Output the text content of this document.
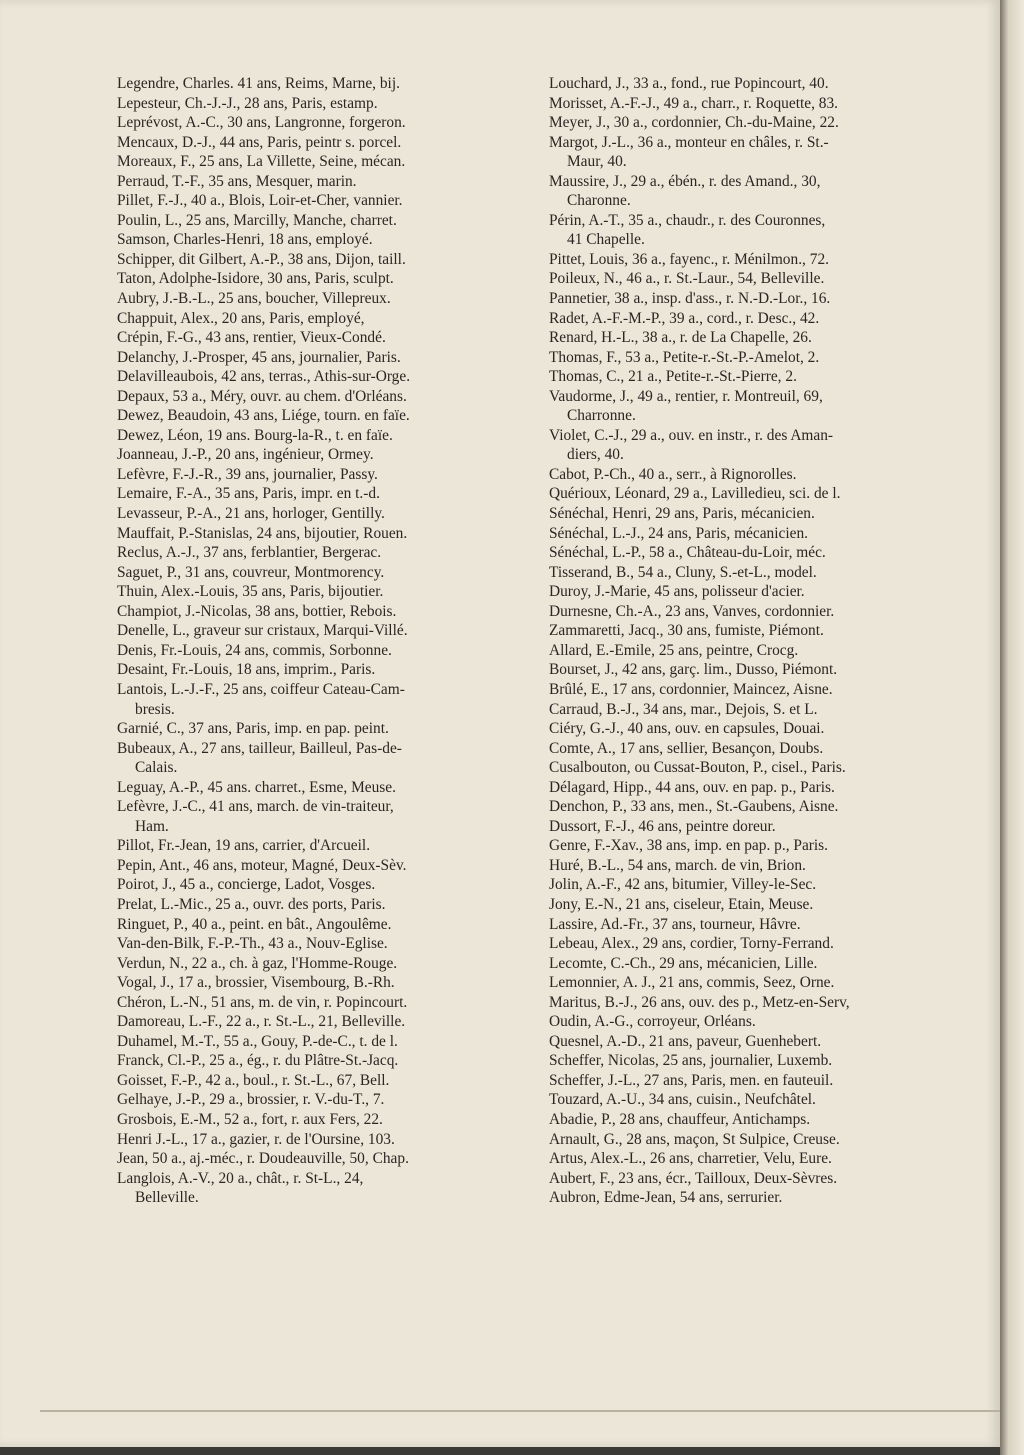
Legendre, Charles. 41 ans, Reims, Marne, bij.
Lepesteur, Ch.-J.-J., 28 ans, Paris, estamp.
Leprévost, A.-C., 30 ans, Langronne, forgeron.
Mencaux, D.-J., 44 ans, Paris, peintr s. porcel.
Moreaux, F., 25 ans, La Villette, Seine, mécan.
Perraud, T.-F., 35 ans, Mesquer, marin.
Pillet, F.-J., 40 a., Blois, Loir-et-Cher, vannier.
Poulin, L., 25 ans, Marcilly, Manche, charret.
Samson, Charles-Henri, 18 ans, employé.
Schipper, dit Gilbert, A.-P., 38 ans, Dijon, taill.
Taton, Adolphe-Isidore, 30 ans, Paris, sculpt.
Aubry, J.-B.-L., 25 ans, boucher, Villepreux.
Chappuit, Alex., 20 ans, Paris, employé,
Crépin, F.-G., 43 ans, rentier, Vieux-Condé.
Delanchy, J.-Prosper, 45 ans, journalier, Paris.
Delavilleaubois, 42 ans, terras., Athis-sur-Orge.
Depaux, 53 a., Méry, ouvr. au chem. d'Orléans.
Dewez, Beaudoin, 43 ans, Liége, tourn. en faïe.
Dewez, Léon, 19 ans. Bourg-la-R., t. en faïe.
Joanneau, J.-P., 20 ans, ingénieur, Ormey.
Lefèvre, F.-J.-R., 39 ans, journalier, Passy.
Lemaire, F.-A., 35 ans, Paris, impr. en t.-d.
Levasseur, P.-A., 21 ans, horloger, Gentilly.
Mauffait, P.-Stanislas, 24 ans, bijoutier, Rouen.
Reclus, A.-J., 37 ans, ferblantier, Bergerac.
Saguet, P., 31 ans, couvreur, Montmorency.
Thuin, Alex.-Louis, 35 ans, Paris, bijoutier.
Champiot, J.-Nicolas, 38 ans, bottier, Rebois.
Denelle, L., graveur sur cristaux, Marqui-Villé.
Denis, Fr.-Louis, 24 ans, commis, Sorbonne.
Desaint, Fr.-Louis, 18 ans, imprim., Paris.
Lantois, L.-J.-F., 25 ans, coiffeur Cateau-Cam-
bresis.
Garnié, C., 37 ans, Paris, imp. en pap. peint.
Bubeaux, A., 27 ans, tailleur, Bailleul, Pas-de-
Calais.
Leguay, A.-P., 45 ans. charret., Esme, Meuse.
Lefèvre, J.-C., 41 ans, march. de vin-traiteur,
Ham.
Pillot, Fr.-Jean, 19 ans, carrier, d'Arcueil.
Pepin, Ant., 46 ans, moteur, Magné, Deux-Sèv.
Poirot, J., 45 a., concierge, Ladot, Vosges.
Prelat, L.-Mic., 25 a., ouvr. des ports, Paris.
Ringuet, P., 40 a., peint. en bât., Angoulême.
Van-den-Bilk, F.-P.-Th., 43 a., Nouv-Eglise.
Verdun, N., 22 a., ch. à gaz, l'Homme-Rouge.
Vogal, J., 17 a., brossier, Visembourg, B.-Rh.
Chéron, L.-N., 51 ans, m. de vin, r. Popincourt.
Damoreau, L.-F., 22 a., r. St.-L., 21, Belleville.
Duhamel, M.-T., 55 a., Gouy, P.-de-C., t. de l.
Franck, Cl.-P., 25 a., ég., r. du Plâtre-St.-Jacq.
Goisset, F.-P., 42 a., boul., r. St.-L., 67, Bell.
Gelhaye, J.-P., 29 a., brossier, r. V.-du-T., 7.
Grosbois, E.-M., 52 a., fort, r. aux Fers, 22.
Henri J.-L., 17 a., gazier, r. de l'Oursine, 103.
Jean, 50 a., aj.-méc., r. Doudeauville, 50, Chap.
Langlois, A.-V., 20 a., chât., r. St-L., 24,
Belleville.
Louchard, J., 33 a., fond., rue Popincourt, 40.
Morisset, A.-F.-J., 49 a., charr., r. Roquette, 83.
Meyer, J., 30 a., cordonnier, Ch.-du-Maine, 22.
Margot, J.-L., 36 a., monteur en châles, r. St.-
Maur, 40.
Maussire, J., 29 a., ébén., r. des Amand., 30,
Charonne.
Périn, A.-T., 35 a., chaudr., r. des Couronnes,
41 Chapelle.
Pittet, Louis, 36 a., fayenc., r. Ménilmon., 72.
Poileux, N., 46 a., r. St.-Laur., 54, Belleville.
Pannetier, 38 a., insp. d'ass., r. N.-D.-Lor., 16.
Radet, A.-F.-M.-P., 39 a., cord., r. Desc., 42.
Renard, H.-L., 38 a., r. de La Chapelle, 26.
Thomas, F., 53 a., Petite-r.-St.-P.-Amelot, 2.
Thomas, C., 21 a., Petite-r.-St.-Pierre, 2.
Vaudorme, J., 49 a., rentier, r. Montreuil, 69,
Charronne.
Violet, C.-J., 29 a., ouv. en instr., r. des Aman-
diers, 40.
Cabot, P.-Ch., 40 a., serr., à Rignorolles.
Quérioux, Léonard, 29 a., Lavilledieu, sci. de l.
Sénéchal, Henri, 29 ans, Paris, mécanicien.
Sénéchal, L.-J., 24 ans, Paris, mécanicien.
Sénéchal, L.-P., 58 a., Château-du-Loir, méc.
Tisserand, B., 54 a., Cluny, S.-et-L., model.
Duroy, J.-Marie, 45 ans, polisseur d'acier.
Durnesne, Ch.-A., 23 ans, Vanves, cordonnier.
Zammaretti, Jacq., 30 ans, fumiste, Piémont.
Allard, E.-Emile, 25 ans, peintre, Crocg.
Bourset, J., 42 ans, garç. lim., Dusso, Piémont.
Brûlé, E., 17 ans, cordonnier, Maincez, Aisne.
Carraud, B.-J., 34 ans, mar., Dejois, S. et L.
Ciéry, G.-J., 40 ans, ouv. en capsules, Douai.
Comte, A., 17 ans, sellier, Besançon, Doubs.
Cusalbouton, ou Cussat-Bouton, P., cisel., Paris.
Délagard, Hipp., 44 ans, ouv. en pap. p., Paris.
Denchon, P., 33 ans, men., St.-Gaubens, Aisne.
Dussort, F.-J., 46 ans, peintre doreur.
Genre, F.-Xav., 38 ans, imp. en pap. p., Paris.
Huré, B.-L., 54 ans, march. de vin, Brion.
Jolin, A.-F., 42 ans, bitumier, Villey-le-Sec.
Jony, E.-N., 21 ans, ciseleur, Etain, Meuse.
Lassire, Ad.-Fr., 37 ans, tourneur, Hâvre.
Lebeau, Alex., 29 ans, cordier, Torny-Ferrand.
Lecomte, C.-Ch., 29 ans, mécanicien, Lille.
Lemonnier, A. J., 21 ans, commis, Seez, Orne.
Maritus, B.-J., 26 ans, ouv. des p., Metz-en-Serv,
Oudin, A.-G., corroyeur, Orléans.
Quesnel, A.-D., 21 ans, paveur, Guenhebert.
Scheffer, Nicolas, 25 ans, journalier, Luxemb.
Scheffer, J.-L., 27 ans, Paris, men. en fauteuil.
Touzard, A.-U., 34 ans, cuisin., Neufchâtel.
Abadie, P., 28 ans, chauffeur, Antichamps.
Arnault, G., 28 ans, maçon, St Sulpice, Creuse.
Artus, Alex.-L., 26 ans, charretier, Velu, Eure.
Aubert, F., 23 ans, écr., Tailloux, Deux-Sèvres.
Aubron, Edme-Jean, 54 ans, serrurier.
